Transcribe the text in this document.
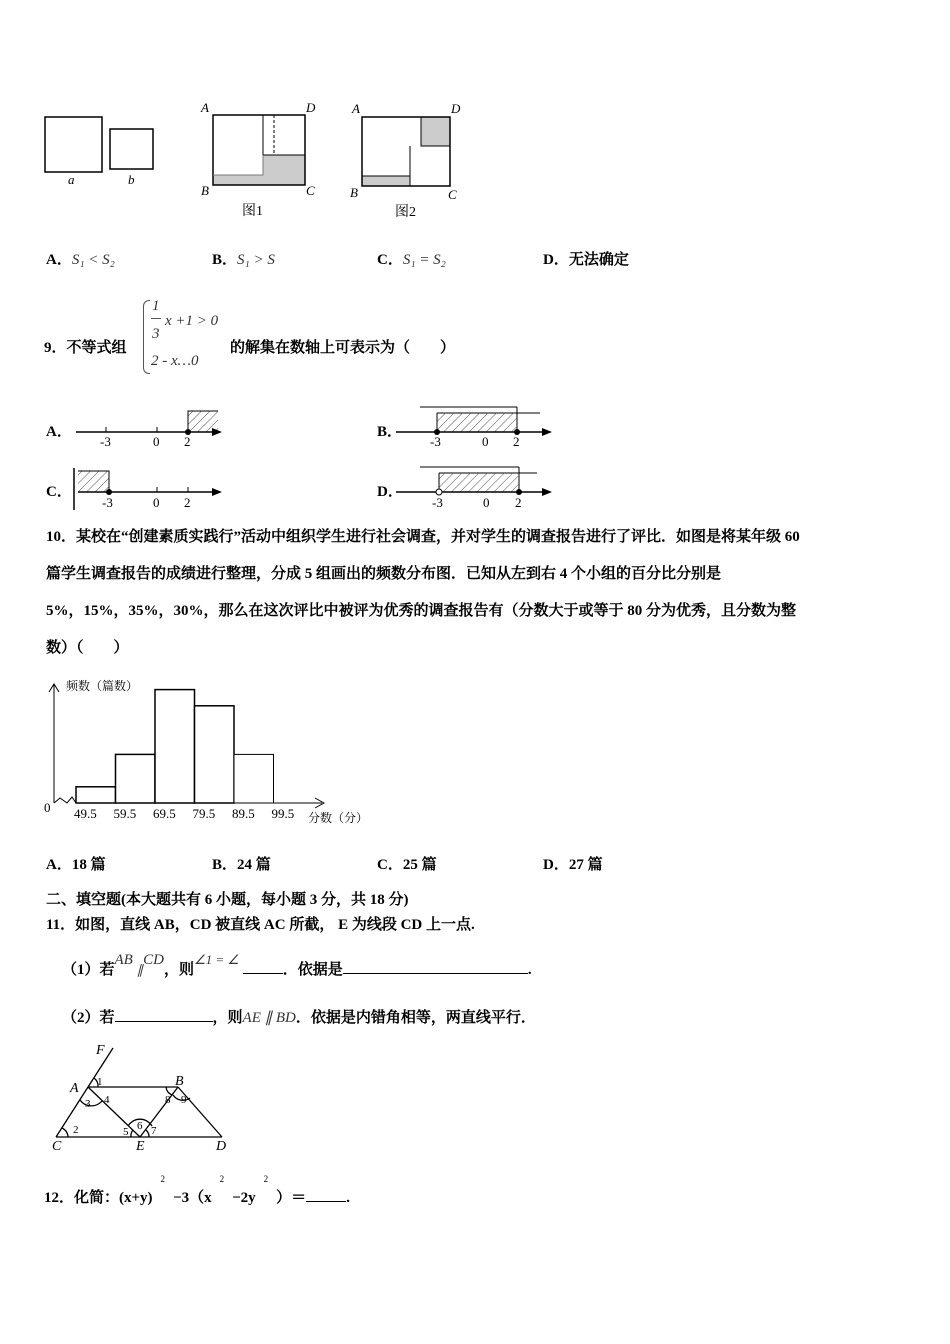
a	b
A	D
B	C
图1
A	D
B	C
图2
A．S₁ < S₂	B．S₁ > S	C．S₁ = S₂	D．无法确定
9．不等式组
1
3
x +1 > 0
2 - x…0
的解集在数轴上可表示为（　　）
A．	B．
C．	D．
-3	0 2	-3	0 2
-3	0 2	-3	0 2
10．某校在“创建素质实践行”活动中组织学生进行社会调查，并对学生的调查报告进行了评比．如图是将某年级 60
篇学生调查报告的成绩进行整理，分成 5 组画出的频数分布图．已知从左到右 4 个小组的百分比分别是
5%，15%，35%，30%，那么在这次评比中被评为优秀的调查报告有（分数大于或等于 80 分为优秀，且分数为整
数）（　　）
频数（篇数）
分数（分）
0 49.5 59.5 69.5 79.5 89.5 99.5
A．18 篇	B．24 篇	C．25 篇	D．27 篇
二、填空题(本大题共有 6 小题，每小题 3 分，共 18 分)
11．如图，直线 AB，CD 被直线 AC 所截， E 为线段 CD 上一点.
（1）若AB ∥CD，则∠1 = ∠ ．依据是	.
（2）若	，则AE ∥ BD．依据是内错角相等，两直线平行．
F
A	B
C	E	D
1
3 4
2	5 6 7
8 9
12．化简：$(x+y)^2-3(x^2-2y^2)=$	.
